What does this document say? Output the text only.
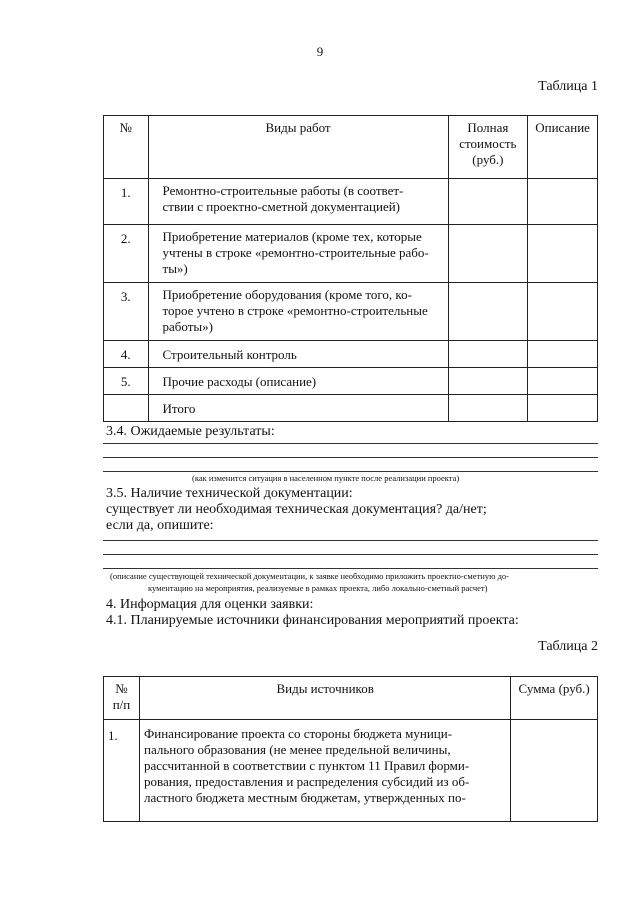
9
Таблица 1
№	Виды работ	Полная
стоимость
(руб.)	Описание
1.	Ремонтно-строительные работы (в соответ-
ствии с проектно-сметной документацией)		

2.	Приобретение материалов (кроме тех, которые
учтены в строке «ремонтно-строительные рабо-
ты»)		

3.	Приобретение оборудования (кроме того, ко-
торое учтено в строке «ремонтно-строительные
работы»)		

4.	Строительный контроль		

5.	Прочие расходы (описание)		

	Итого		

3.4. Ожидаемые результаты:
(как изменится ситуация в населенном пункте после реализации проекта)
3.5. Наличие технической документации:
существует ли необходимая техническая документация? да/нет;
если да, опишите:
(описание существующей технической документации, к заявке необходимо приложить проектно-сметную до-
кументацию на мероприятия, реализуемые в рамках проекта, либо локально-сметный расчет)
4. Информация для оценки заявки:
4.1. Планируемые источники финансирования мероприятий проекта:
Таблица 2
№
п/п	Виды источников	Сумма (руб.)
1.	Финансирование проекта со стороны бюджета муници-
пального образования (не менее предельной величины,
рассчитанной в соответствии с пунктом 11 Правил форми-
рования, предоставления и распределения субсидий из об-
ластного бюджета местным бюджетам, утвержденных по-	
